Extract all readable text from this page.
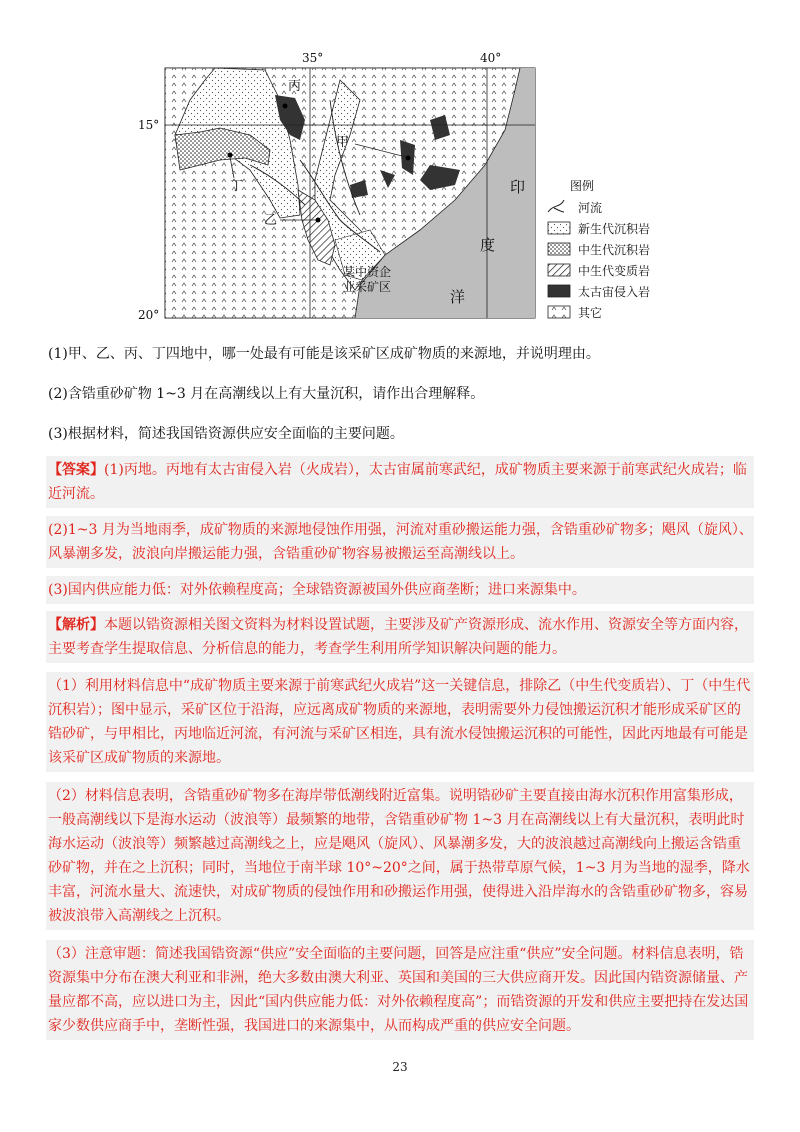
35°	40°
15°
20°
丙
甲
乙
丁
某中资企
业采矿区
印
度
洋
图例
河流
新生代沉积岩
中生代沉积岩
中生代变质岩
太古宙侵入岩
其它
(1)甲、乙、丙、丁四地中，哪一处最有可能是该采矿区成矿物质的来源地，并说明理由。
(2)含锆重砂矿物 1~3 月在高潮线以上有大量沉积，请作出合理解释。
(3)根据材料，简述我国锆资源供应安全面临的主要问题。
【答案】(1)丙地。丙地有太古宙侵入岩（火成岩），太古宙属前寒武纪，成矿物质主要来源于前寒武纪火成岩；临近河流。
(2)1~3 月为当地雨季，成矿物质的来源地侵蚀作用强，河流对重砂搬运能力强，含锆重砂矿物多；飓风（旋风）、风暴潮多发，波浪向岸搬运能力强，含锆重砂矿物容易被搬运至高潮线以上。
(3)国内供应能力低：对外依赖程度高；全球锆资源被国外供应商垄断；进口来源集中。
【解析】本题以锆资源相关图文资料为材料设置试题，主要涉及矿产资源形成、流水作用、资源安全等方面内容，主要考查学生提取信息、分析信息的能力，考查学生利用所学知识解决问题的能力。
（1）利用材料信息中“成矿物质主要来源于前寒武纪火成岩”这一关键信息，排除乙（中生代变质岩）、丁（中生代沉积岩）；图中显示，采矿区位于沿海，应远离成矿物质的来源地，表明需要外力侵蚀搬运沉积才能形成采矿区的锆砂矿，与甲相比，丙地临近河流，有河流与采矿区相连，具有流水侵蚀搬运沉积的可能性，因此丙地最有可能是该采矿区成矿物质的来源地。
（2）材料信息表明，含锆重砂矿物多在海岸带低潮线附近富集。说明锆砂矿主要直接由海水沉积作用富集形成，一般高潮线以下是海水运动（波浪等）最频繁的地带，含锆重砂矿物 1~3 月在高潮线以上有大量沉积，表明此时海水运动（波浪等）频繁越过高潮线之上，应是飓风（旋风）、风暴潮多发，大的波浪越过高潮线向上搬运含锆重砂矿物，并在之上沉积；同时，当地位于南半球 10°~20°之间，属于热带草原气候，1~3 月为当地的湿季，降水丰富，河流水量大、流速快，对成矿物质的侵蚀作用和砂搬运作用强，使得进入沿岸海水的含锆重砂矿物多，容易被波浪带入高潮线之上沉积。
（3）注意审题：简述我国锆资源“供应”安全面临的主要问题，回答是应注重“供应”安全问题。材料信息表明，锆资源集中分布在澳大利亚和非洲，绝大多数由澳大利亚、英国和美国的三大供应商开发。因此国内锆资源储量、产量应都不高，应以进口为主，因此“国内供应能力低：对外依赖程度高”；而锆资源的开发和供应主要把持在发达国家少数供应商手中，垄断性强，我国进口的来源集中，从而构成严重的供应安全问题。
23
